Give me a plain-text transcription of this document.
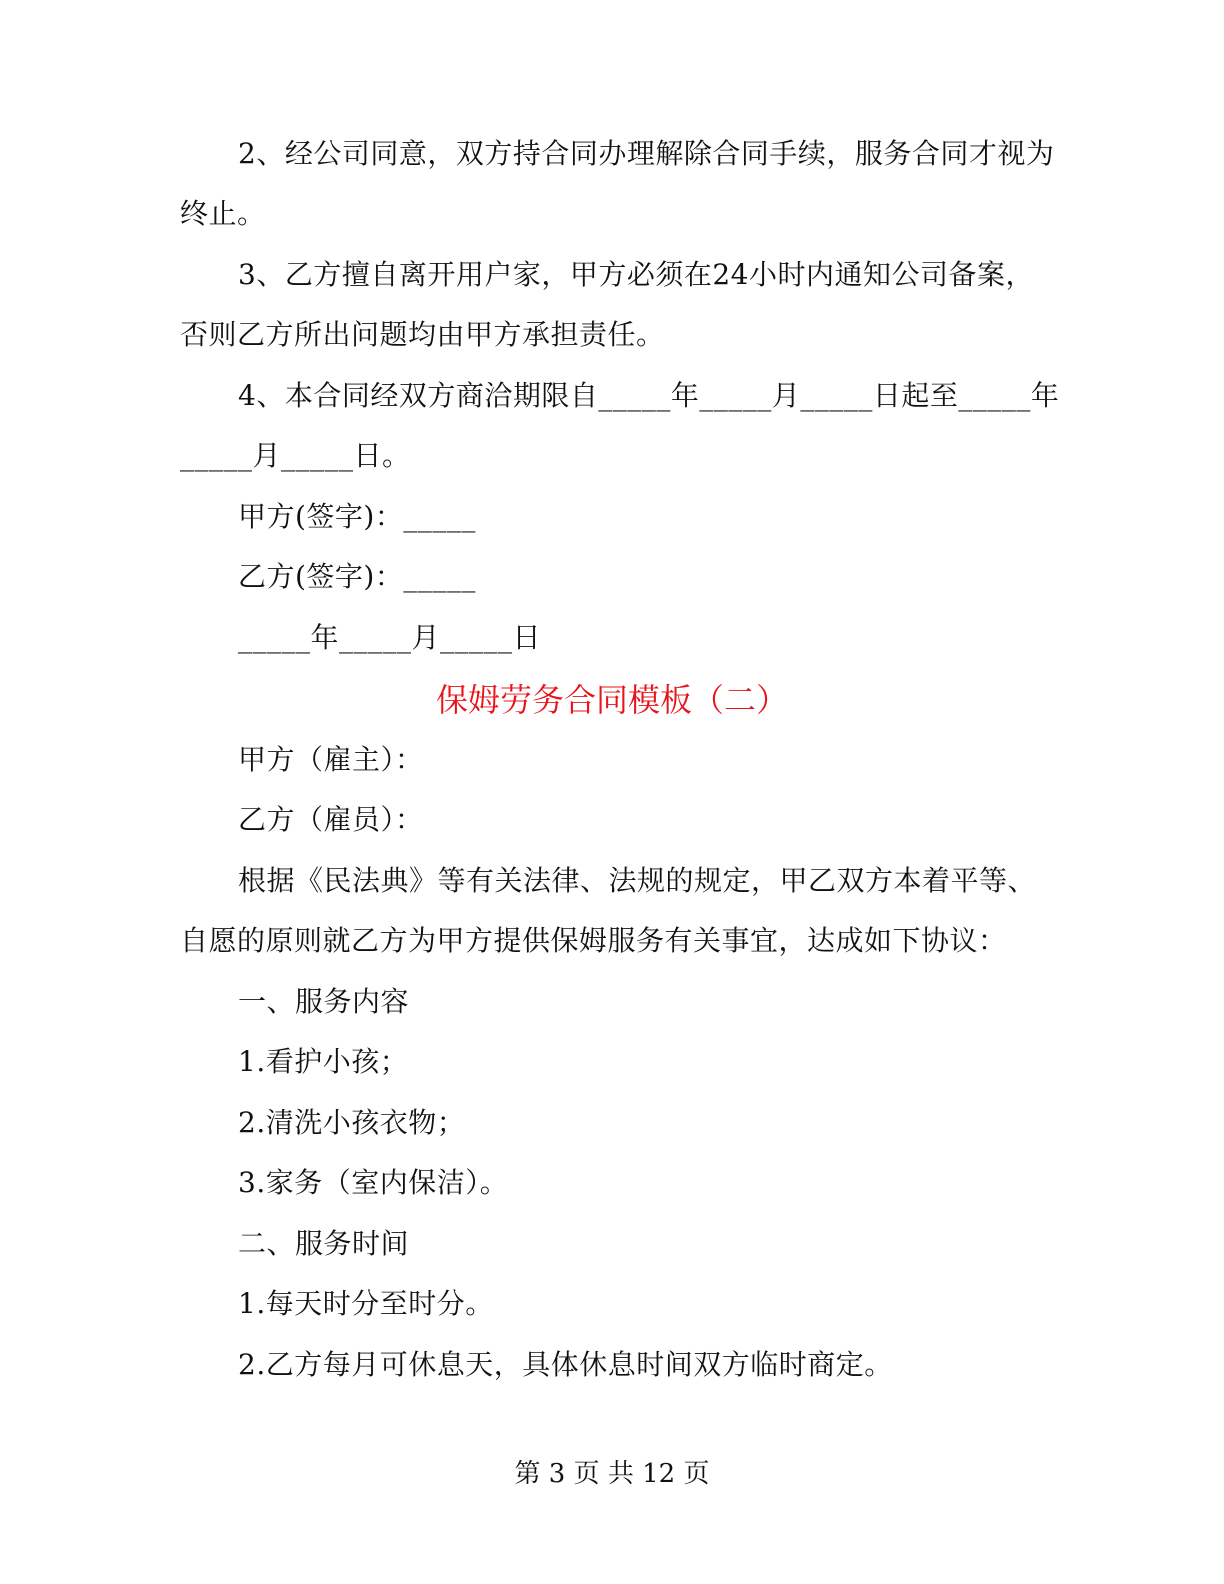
2、经公司同意，双方持合同办理解除合同手续，服务合同才视为
终止。
3、乙方擅自离开用户家，甲方必须在24小时内通知公司备案，
否则乙方所出问题均由甲方承担责任。
4、本合同经双方商洽期限自_____年_____月_____日起至_____年
_____月_____日。
甲方(签字)：_____
乙方(签字)：_____
_____年_____月_____日
保姆劳务合同模板（二）
甲方（雇主）：
乙方（雇员）：
根据《民法典》等有关法律、法规的规定，甲乙双方本着平等、
自愿的原则就乙方为甲方提供保姆服务有关事宜，达成如下协议：
一、服务内容
1.看护小孩；
2.清洗小孩衣物；
3.家务（室内保洁）。
二、服务时间
1.每天时分至时分。
2.乙方每月可休息天，具体休息时间双方临时商定。
第 3 页 共 12 页
